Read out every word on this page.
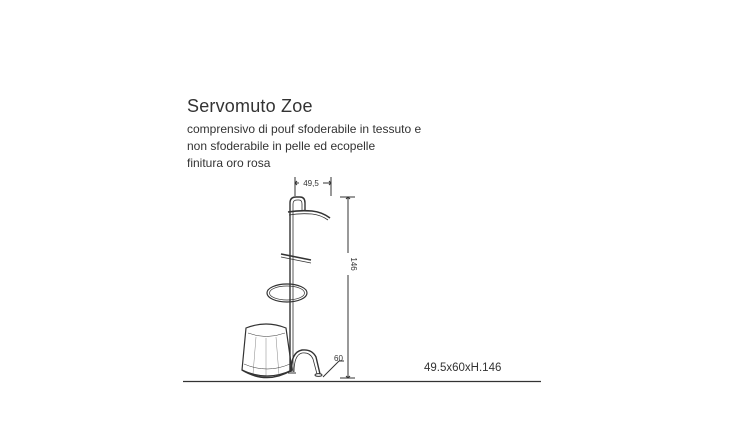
Servomuto Zoe
comprensivo di pouf sfoderabile in tessuto e
non sfoderabile in pelle ed ecopelle
finitura oro rosa
49,5
146
60
49.5x60xH.146
